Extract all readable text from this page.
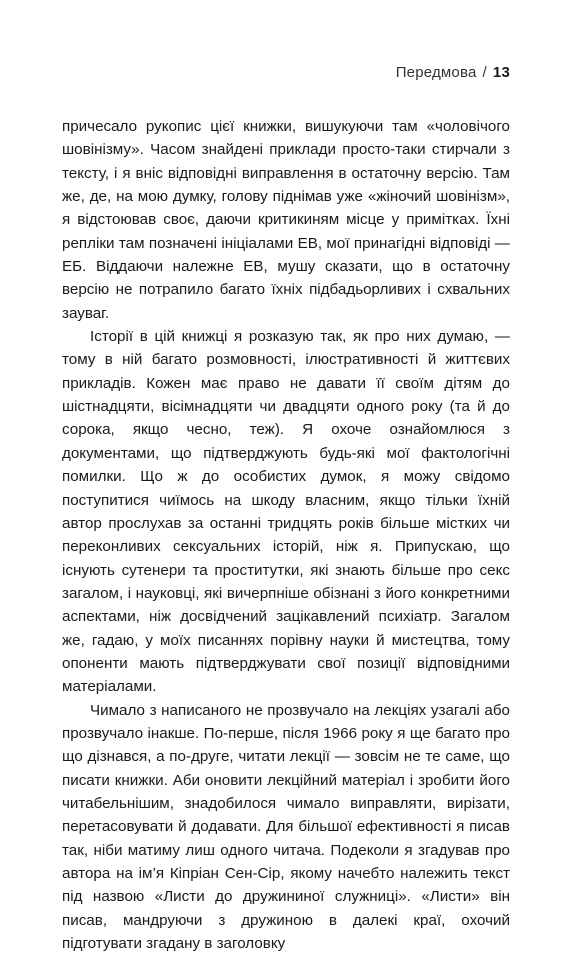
Передмова / 13

причесало рукопис цієї книжки, вишукуючи там «чоловічого шовінізму». Часом знайдені приклади просто-таки стирчали з тексту, і я вніс відповідні виправлення в остаточну версію. Там же, де, на мою думку, голову піднімав уже «жіночий шовінізм», я відстоював своє, даючи критикиням місце у примітках. Їхні репліки там позначені ініціалами ЕВ, мої принагідні відповіді — ЕБ. Віддаючи належне ЕВ, мушу сказати, що в остаточну версію не потрапило багато їхніх підбадьорливих і схвальних зауваг.

Історії в цій книжці я розказую так, як про них думаю, — тому в ній багато розмовності, ілюстративності й життєвих прикладів. Кожен має право не давати її своїм дітям до шістнадцяти, вісімнадцяти чи двадцяти одного року (та й до сорока, якщо чесно, теж). Я охоче ознайомлюся з документами, що підтверджують будь-які мої фактологічні помилки. Що ж до особистих думок, я можу свідомо поступитися чиїмось на шкоду власним, якщо тільки їхній автор прослухав за останні тридцять років більше містких чи переконливих сексуальних історій, ніж я. Припускаю, що існують сутенери та проститутки, які знають більше про секс загалом, і науковці, які вичерпніше обізнані з його конкретними аспектами, ніж досвідчений зацікавлений психіатр. Загалом же, гадаю, у моїх писаннях порівну науки й мистецтва, тому опоненти мають підтверджувати свої позиції відповідними матеріалами.

Чимало з написаного не прозвучало на лекціях узагалі або прозвучало інакше. По-перше, після 1966 року я ще багато про що дізнався, а по-друге, читати лекції — зовсім не те саме, що писати книжки. Аби оновити лекційний матеріал і зробити його читабельнішим, знадобилося чимало виправляти, вирізати, перетасовувати й додавати. Для більшої ефективності я писав так, ніби матиму лиш одного читача. Подеколи я згадував про автора на ім’я Кіпріан Сен-Сір, якому начебто належить текст під назвою «Листи до дружининої служниці». «Листи» він писав, мандруючи з дружиною в далекі краї, охочий підготувати згадану в заголовку
